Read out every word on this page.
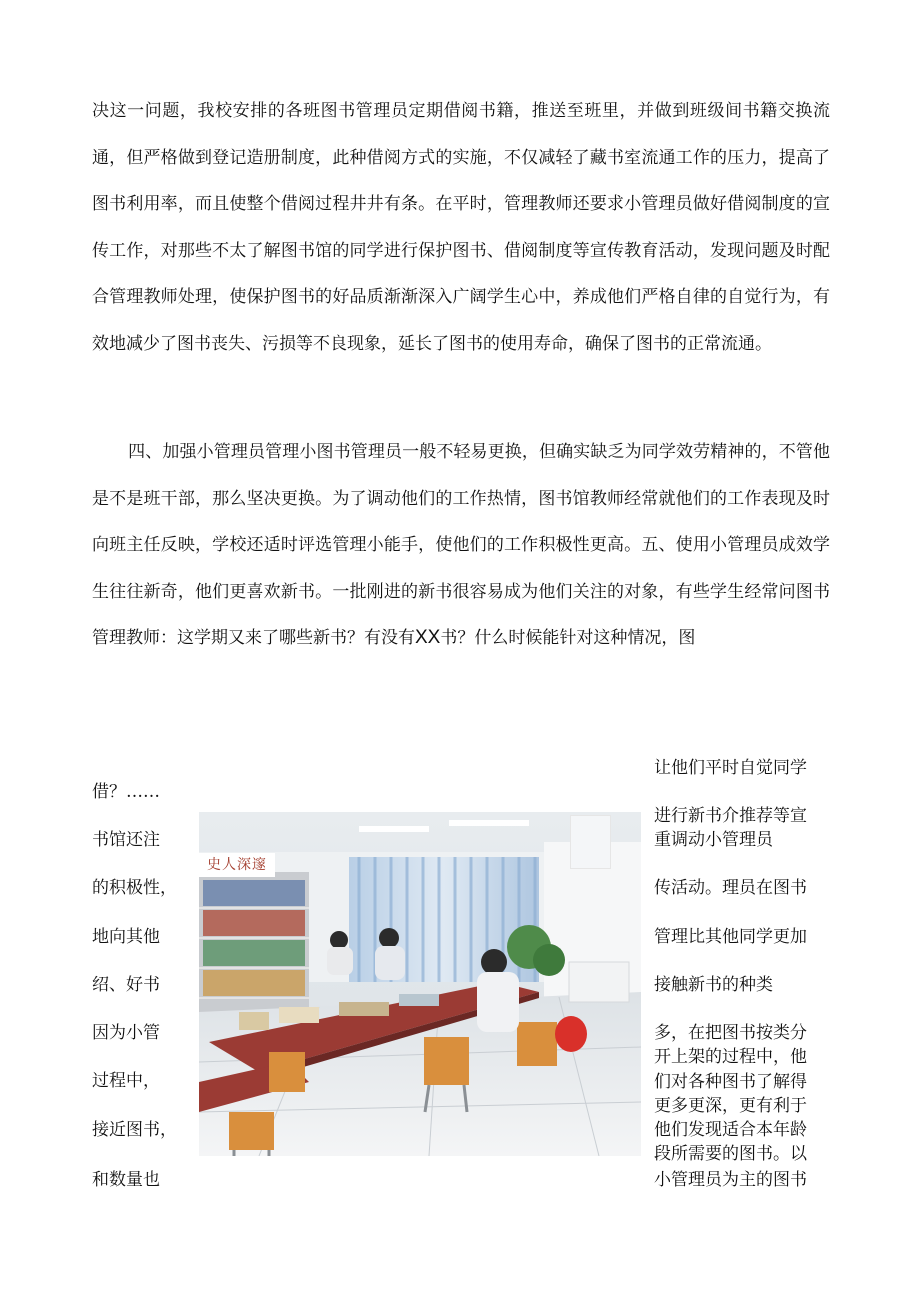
决这一问题，我校安排的各班图书管理员定期借阅书籍，推送至班里，并做到班级间书籍交换流通，但严格做到登记造册制度，此种借阅方式的实施，不仅减轻了藏书室流通工作的压力，提高了图书利用率，而且使整个借阅过程井井有条。在平时，管理教师还要求小管理员做好借阅制度的宣传工作，对那些不太了解图书馆的同学进行保护图书、借阅制度等宣传教育活动，发现问题及时配合管理教师处理，使保护图书的好品质渐渐深入广阔学生心中，养成他们严格自律的自觉行为，有效地减少了图书丧失、污损等不良现象，延长了图书的使用寿命，确保了图书的正常流通。

四、加强小管理员管理小图书管理员一般不轻易更换，但确实缺乏为同学效劳精神的，不管他是不是班干部，那么坚决更换。为了调动他们的工作热情，图书馆教师经常就他们的工作表现及时向班主任反映，学校还适时评选管理小能手，使他们的工作积极性更高。五、使用小管理员成效学生往往新奇，他们更喜欢新书。一批刚进的新书很容易成为他们关注的对象，有些学生经常问图书管理教师：这学期又来了哪些新书？有没有XX书？什么时候能针对这种情况，图

借？……

书馆还注

的积极性，

地向其他

绍、好书

因为小管

过程中，

接近图书，

和数量也

让他们平时自觉同学

进行新书介推荐等宣

重调动小管理员

传活动。理员在图书

管理比其他同学更加

接触新书的种类

多，在把图书按类分

开上架的过程中，他

们对各种图书了解得

更多更深，更有利于

他们发现适合本年龄

段所需要的图书。以

小管理员为主的图书

史人深邃
